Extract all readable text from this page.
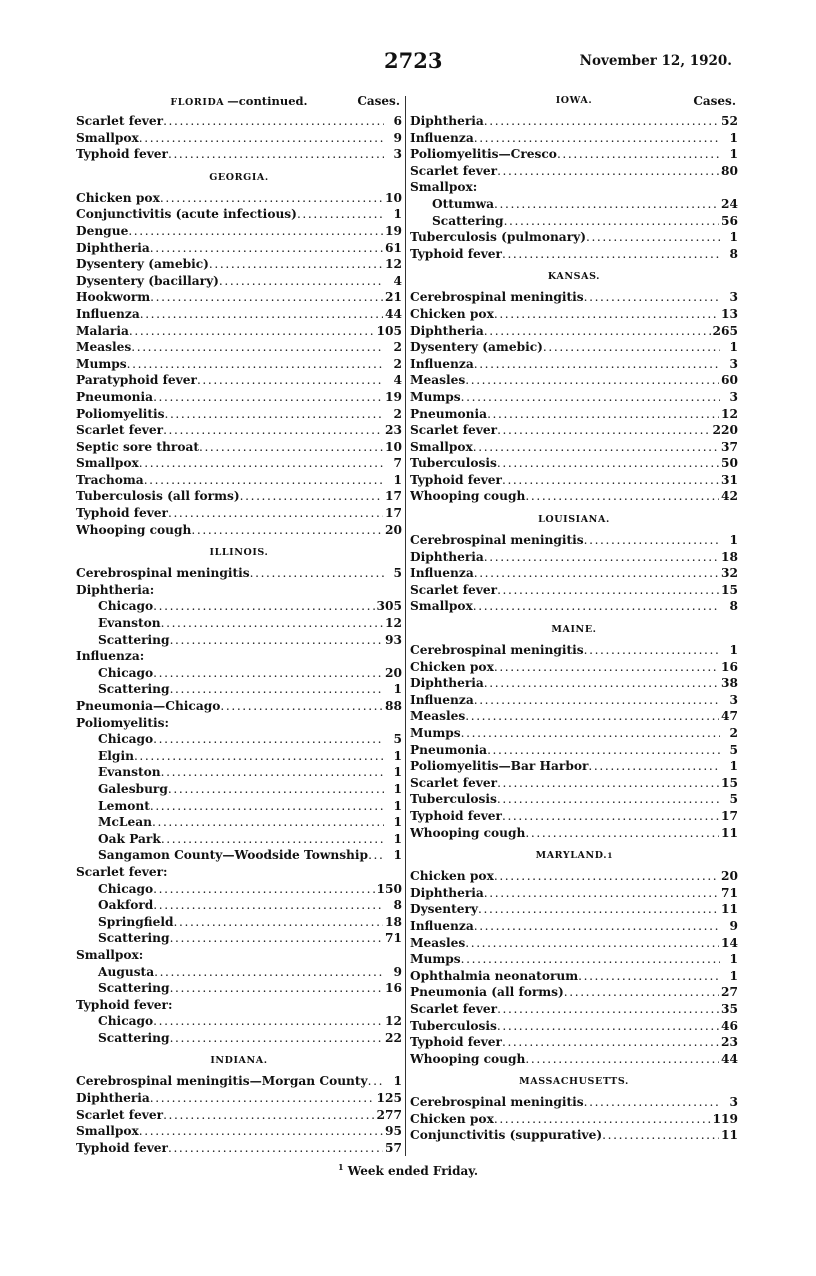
2723	November 12, 1920.
FLORIDA —continued.	Cases.
Scarlet fever .....	6
Smallpox .....	9
Typhoid fever .....	3
GEORGIA.
Chicken pox .....	10
Conjunctivitis (acute infectious) .....	1
Dengue .....	19
Diphtheria .....	61
Dysentery (amebic) .....	12
Dysentery (bacillary) .....	4
Hookworm .....	21
Influenza .....	44
Malaria .....	105
Measles .....	2
Mumps .....	2
Paratyphoid fever .....	4
Pneumonia .....	19
Poliomyelitis .....	2
Scarlet fever .....	23
Septic sore throat .....	10
Smallpox .....	7
Trachoma .....	1
Tuberculosis (all forms) .....	17
Typhoid fever .....	17
Whooping cough .....	20
ILLINOIS.
Cerebrospinal meningitis .....	5
Diphtheria:
Chicago .....	305
Evanston .....	12
Scattering .....	93
Influenza:
Chicago .....	20
Scattering .....	1
Pneumonia—Chicago .....	88
Poliomyelitis:
Chicago .....	5
Elgin .....	1
Evanston .....	1
Galesburg .....	1
Lemont .....	1
McLean .....	1
Oak Park .....	1
Sangamon County—Woodside Township .....	1
Scarlet fever:
Chicago .....	150
Oakford .....	8
Springfield .....	18
Scattering .....	71
Smallpox:
Augusta .....	9
Scattering .....	16
Typhoid fever:
Chicago .....	12
Scattering .....	22
INDIANA.
Cerebrospinal meningitis—Morgan County .....	1
Diphtheria .....	125
Scarlet fever .....	277
Smallpox .....	95
Typhoid fever .....	57
IOWA.	Cases.
Diphtheria .....	52
Influenza .....	1
Poliomyelitis—Cresco .....	1
Scarlet fever .....	80
Smallpox:
Ottumwa .....	24
Scattering .....	56
Tuberculosis (pulmonary) .....	1
Typhoid fever .....	8
KANSAS.
Cerebrospinal meningitis .....	3
Chicken pox .....	13
Diphtheria .....	265
Dysentery (amebic) .....	1
Influenza .....	3
Measles .....	60
Mumps .....	3
Pneumonia .....	12
Scarlet fever .....	220
Smallpox .....	37
Tuberculosis .....	50
Typhoid fever .....	31
Whooping cough .....	42
LOUISIANA.
Cerebrospinal meningitis .....	1
Diphtheria .....	18
Influenza .....	32
Scarlet fever .....	15
Smallpox .....	8
MAINE.
Cerebrospinal meningitis .....	1
Chicken pox .....	16
Diphtheria .....	38
Influenza .....	3
Measles .....	47
Mumps .....	2
Pneumonia .....	5
Poliomyelitis—Bar Harbor .....	1
Scarlet fever .....	15
Tuberculosis .....	5
Typhoid fever .....	17
Whooping cough .....	11
MARYLAND. 1
Chicken pox .....	20
Diphtheria .....	71
Dysentery .....	11
Influenza .....	9
Measles .....	14
Mumps .....	1
Ophthalmia neonatorum .....	1
Pneumonia (all forms) .....	27
Scarlet fever .....	35
Tuberculosis .....	46
Typhoid fever .....	23
Whooping cough .....	44
MASSACHUSETTS.
Cerebrospinal meningitis .....	3
Chicken pox .....	119
Conjunctivitis (suppurative) .....	11
$^1$ Week ended Friday.
